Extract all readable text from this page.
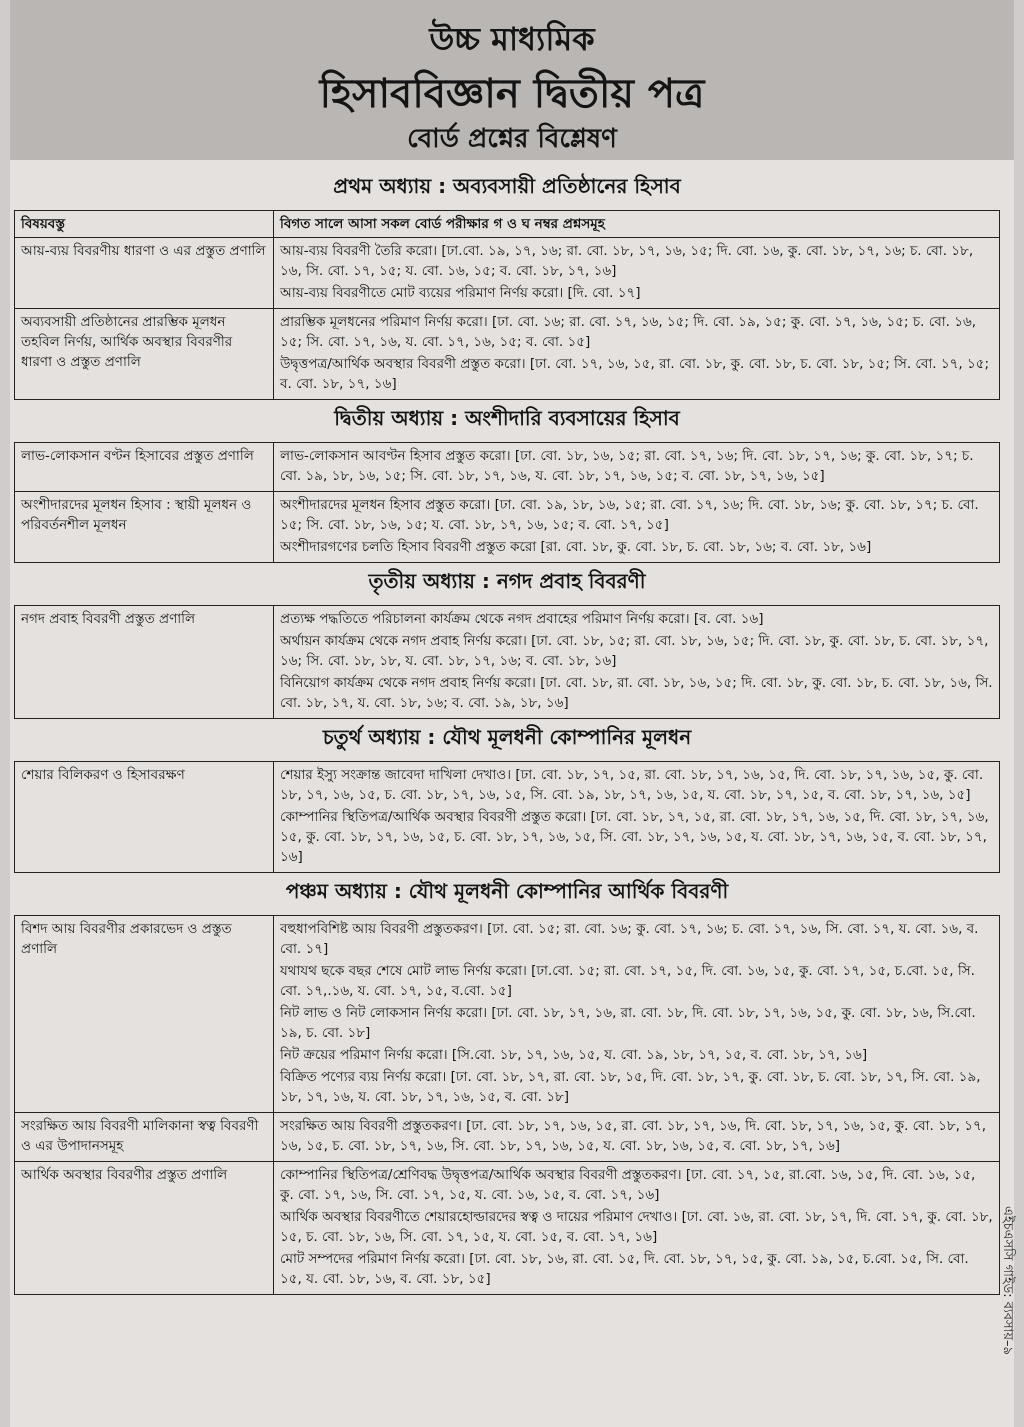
উচ্চ মাধ্যমিক
হিসাববিজ্ঞান দ্বিতীয় পত্র
বোর্ড প্রশ্নের বিশ্লেষণ
প্রথম অধ্যায় : অব্যবসায়ী প্রতিষ্ঠানের হিসাব
বিষয়বস্তু	বিগত সালে আসা সকল বোর্ড পরীক্ষার গ ও ঘ নম্বর প্রশ্নসমূহ
আয়-ব্যয় বিবরণীয় ধারণা ও এর প্রস্তুত প্রণালি	আয়-ব্যয় বিবরণী তৈরি করো। [ঢা.বো. ১৯, ১৭, ১৬; রা. বো. ১৮, ১৭, ১৬, ১৫; দি. বো. ১৬, কু. বো. ১৮, ১৭, ১৬; চ. বো. ১৮, ১৬, সি. বো. ১৭, ১৫; য. বো. ১৬, ১৫; ব. বো. ১৮, ১৭, ১৬]
আয়-ব্যয় বিবরণীতে মোট ব্যয়ের পরিমাণ নির্ণয় করো। [দি. বো. ১৭]

অব্যবসায়ী প্রতিষ্ঠানের প্রারম্ভিক মূলধন তহবিল নির্ণয়, আর্থিক অবস্থার বিবরণীর ধারণা ও প্রস্তুত প্রণালি	প্রারম্ভিক মূলধনের পরিমাণ নির্ণয় করো। [ঢা. বো. ১৬; রা. বো. ১৭, ১৬, ১৫; দি. বো. ১৯, ১৫; কু. বো. ১৭, ১৬, ১৫; চ. বো. ১৬, ১৫; সি. বো. ১৭, ১৬, য. বো. ১৭, ১৬, ১৫; ব. বো. ১৫]
উদ্বৃত্তপত্র/আর্থিক অবস্থার বিবরণী প্রস্তুত করো। [ঢা. বো. ১৭, ১৬, ১৫, রা. বো. ১৮, কু. বো. ১৮, চ. বো. ১৮, ১৫; সি. বো. ১৭, ১৫; ব. বো. ১৮, ১৭, ১৬]
দ্বিতীয় অধ্যায় : অংশীদারি ব্যবসায়ের হিসাব
লাভ-লোকসান বণ্টন হিসাবের প্রস্তুত প্রণালি	লাভ-লোকসান আবণ্টন হিসাব প্রস্তুত করো। [ঢা. বো. ১৮, ১৬, ১৫; রা. বো. ১৭, ১৬; দি. বো. ১৮, ১৭, ১৬; কু. বো. ১৮, ১৭; চ. বো. ১৯, ১৮, ১৬, ১৫; সি. বো. ১৮, ১৭, ১৬, য. বো. ১৮, ১৭, ১৬, ১৫; ব. বো. ১৮, ১৭, ১৬, ১৫]

অংশীদারদের মূলধন হিসাব : স্থায়ী মূলধন ও পরিবর্তনশীল মূলধন	অংশীদারদের মূলধন হিসাব প্রস্তুত করো। [ঢা. বো. ১৯, ১৮, ১৬, ১৫; রা. বো. ১৭, ১৬; দি. বো. ১৮, ১৬; কু. বো. ১৮, ১৭; চ. বো. ১৫; সি. বো. ১৮, ১৬, ১৫; য. বো. ১৮, ১৭, ১৬, ১৫; ব. বো. ১৭, ১৫]
অংশীদারগণের চলতি হিসাব বিবরণী প্রস্তুত করো [রা. বো. ১৮, কু. বো. ১৮, চ. বো. ১৮, ১৬; ব. বো. ১৮, ১৬]
তৃতীয় অধ্যায় : নগদ প্রবাহ বিবরণী
নগদ প্রবাহ বিবরণী প্রস্তুত প্রণালি	প্রত্যক্ষ পদ্ধতিতে পরিচালনা কার্যক্রম থেকে নগদ প্রবাহের পরিমাণ নির্ণয় করো। [ব. বো. ১৬]
অর্থায়ন কার্যক্রম থেকে নগদ প্রবাহ নির্ণয় করো। [ঢা. বো. ১৮, ১৫; রা. বো. ১৮, ১৬, ১৫; দি. বো. ১৮, কু. বো. ১৮, চ. বো. ১৮, ১৭, ১৬; সি. বো. ১৮, ১৮, য. বো. ১৮, ১৭, ১৬; ব. বো. ১৮, ১৬]
বিনিয়োগ কার্যক্রম থেকে নগদ প্রবাহ নির্ণয় করো। [ঢা. বো. ১৮, রা. বো. ১৮, ১৬, ১৫; দি. বো. ১৮, কু. বো. ১৮, চ. বো. ১৮, ১৬, সি. বো. ১৮, ১৭, য. বো. ১৮, ১৬; ব. বো. ১৯, ১৮, ১৬]
চতুর্থ অধ্যায় : যৌথ মূলধনী কোম্পানির মূলধন
শেয়ার বিলিকরণ ও হিসাবরক্ষণ	শেয়ার ইস্যু সংক্রান্ত জাবেদা দাখিলা দেখাও। [ঢা. বো. ১৮, ১৭, ১৫, রা. বো. ১৮, ১৭, ১৬, ১৫, দি. বো. ১৮, ১৭, ১৬, ১৫, কু. বো. ১৮, ১৭, ১৬, ১৫, চ. বো. ১৮, ১৭, ১৬, ১৫, সি. বো. ১৯, ১৮, ১৭, ১৬, ১৫, য. বো. ১৮, ১৭, ১৫, ব. বো. ১৮, ১৭, ১৬, ১৫]
কোম্পানির স্থিতিপত্র/আর্থিক অবস্থার বিবরণী প্রস্তুত করো। [ঢা. বো. ১৮, ১৭, ১৫, রা. বো. ১৮, ১৭, ১৬, ১৫, দি. বো. ১৮, ১৭, ১৬, ১৫, কু. বো. ১৮, ১৭, ১৬, ১৫, চ. বো. ১৮, ১৭, ১৬, ১৫, সি. বো. ১৮, ১৭, ১৬, ১৫, য. বো. ১৮, ১৭, ১৬, ১৫, ব. বো. ১৮, ১৭, ১৬]
পঞ্চম অধ্যায় : যৌথ মূলধনী কোম্পানির আর্থিক বিবরণী
বিশদ আয় বিবরণীর প্রকারভেদ ও প্রস্তুত প্রণালি	বহুধাপবিশিষ্ট আয় বিবরণী প্রস্তুতকরণ। [ঢা. বো. ১৫; রা. বো. ১৬; কু. বো. ১৭, ১৬; চ. বো. ১৭, ১৬, সি. বো. ১৭, য. বো. ১৬, ব. বো. ১৭]
যথাযথ ছকে বছর শেষে মোট লাভ নির্ণয় করো। [ঢা.বো. ১৫; রা. বো. ১৭, ১৫, দি. বো. ১৬, ১৫, কু. বো. ১৭, ১৫, চ.বো. ১৫, সি. বো. ১৭,.১৬, য. বো. ১৭, ১৫, ব.বো. ১৫]
নিট লাভ ও নিট লোকসান নির্ণয় করো। [ঢা. বো. ১৮, ১৭, ১৬, রা. বো. ১৮, দি. বো. ১৮, ১৭, ১৬, ১৫, কু. বো. ১৮, ১৬, সি.বো. ১৯, চ. বো. ১৮]
নিট ক্রয়ের পরিমাণ নির্ণয় করো। [সি.বো. ১৮, ১৭, ১৬, ১৫, য. বো. ১৯, ১৮, ১৭, ১৫, ব. বো. ১৮, ১৭, ১৬]
বিক্রিত পণ্যের ব্যয় নির্ণয় করো। [ঢা. বো. ১৮, ১৭, রা. বো. ১৮, ১৫, দি. বো. ১৮, ১৭, কু. বো. ১৮, চ. বো. ১৮, ১৭, সি. বো. ১৯, ১৮, ১৭, ১৬, য. বো. ১৮, ১৭, ১৬, ১৫, ব. বো. ১৮]

সংরক্ষিত আয় বিবরণী মালিকানা স্বত্ব বিবরণী ও এর উপাদানসমূহ	সংরক্ষিত আয় বিবরণী প্রস্তুতকরণ। [ঢা. বো. ১৮, ১৭, ১৬, ১৫, রা. বো. ১৮, ১৭, ১৬, দি. বো. ১৮, ১৭, ১৬, ১৫, কু. বো. ১৮, ১৭, ১৬, ১৫, চ. বো. ১৮, ১৭, ১৬, সি. বো. ১৮, ১৭, ১৬, ১৫, য. বো. ১৮, ১৬, ১৫, ব. বো. ১৮, ১৭, ১৬]

আর্থিক অবস্থার বিবরণীর প্রস্তুত প্রণালি	কোম্পানির স্থিতিপত্র/শ্রেণিবদ্ধ উদ্বৃত্তপত্র/আর্থিক অবস্থার বিবরণী প্রস্তুতকরণ। [ঢা. বো. ১৭, ১৫, রা.বো. ১৬, ১৫, দি. বো. ১৬, ১৫, কু. বো. ১৭, ১৬, সি. বো. ১৭, ১৫, য. বো. ১৬, ১৫, ব. বো. ১৭, ১৬]
আর্থিক অবস্থার বিবরণীতে শেয়ারহোল্ডারদের স্বত্ব ও দায়ের পরিমাণ দেখাও। [ঢা. বো. ১৬, রা. বো. ১৮, ১৭, দি. বো. ১৭, কু. বো. ১৮, ১৫, চ. বো. ১৮, ১৬, সি. বো. ১৭, ১৫, য. বো. ১৫, ব. বো. ১৭, ১৬]
মোট সম্পদের পরিমাণ নির্ণয় করো। [ঢা. বো. ১৮, ১৬, রা. বো. ১৫, দি. বো. ১৮, ১৭, ১৫, কু. বো. ১৯, ১৫, চ.বো. ১৫, সি. বো. ১৫, য. বো. ১৮, ১৬, ব. বো. ১৮, ১৫]	এইচএসসি গাইড: ব্যবসায়–৯
